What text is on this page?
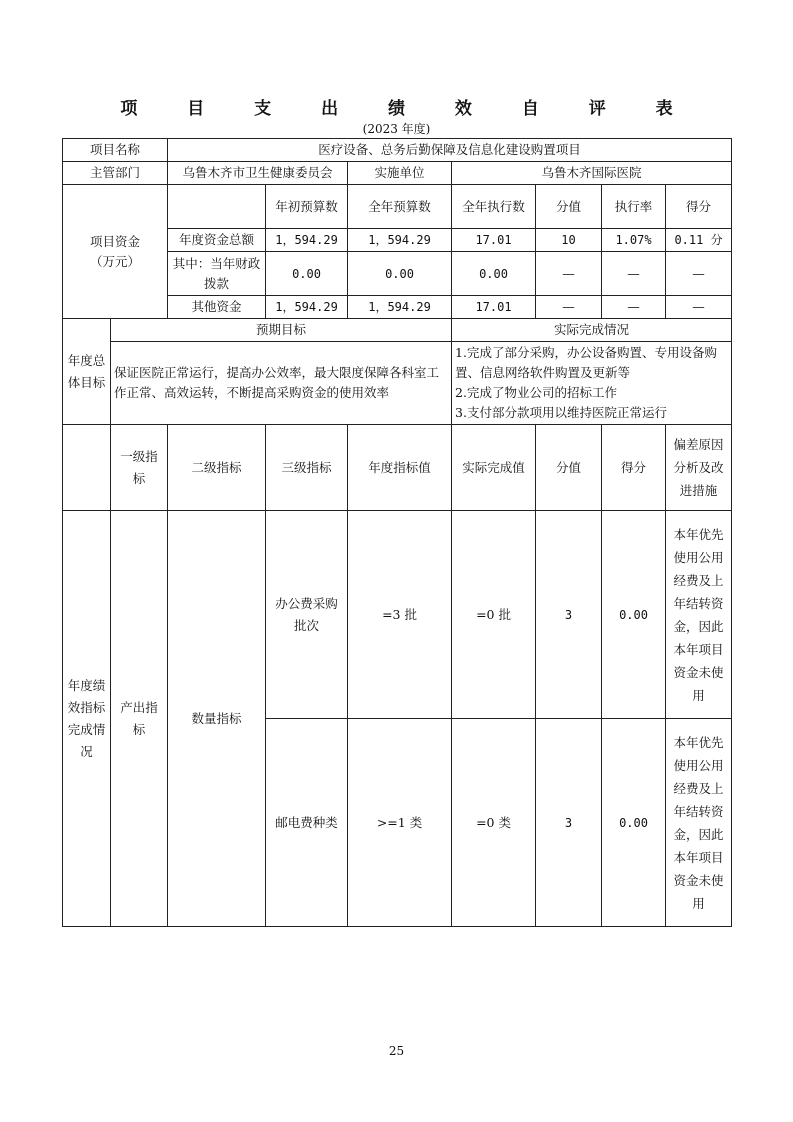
项 目 支 出 绩 效 自 评 表
(2023 年度)
项目名称		医疗设备、总务后勤保障及信息化建设购置项目						
主管部门		乌鲁木齐市卫生健康委员会		实施单位	乌鲁木齐国际医院			
项目资金
（万元）			年初预算数	全年预算数	全年执行数	分值	执行率	得分
		年度资金总额	1，594.29	1，594.29	17.01	10	1.07%	0.11 分
		其中：当年财政拨款	0.00	0.00	0.00	—	—	—
		其他资金	1，594.29	1，594.29	17.01	—	—	—
年度总体目标	预期目标				实际完成情况			
	保证医院正常运行，提高办公效率，最大限度保障各科室工作正常、高效运转，不断提高采购资金的使用效率				1.完成了部分采购，办公设备购置、专用设备购置、信息网络软件购置及更新等
2.完成了物业公司的招标工作
3.支付部分款项用以维持医院正常运行			

	一级指标	二级指标	三级指标	年度指标值	实际完成值	分值	得分	偏差原因分析及改进措施
年度绩效指标完成情况	产出指标	数量指标	办公费采购批次	=3 批	=0 批	3	0.00	本年优先使用公用经费及上年结转资金，因此本年项目资金未使用
			邮电费种类	>=1 类	=0 类	3	0.00	本年优先使用公用经费及上年结转资金，因此本年项目资金未使用
25
